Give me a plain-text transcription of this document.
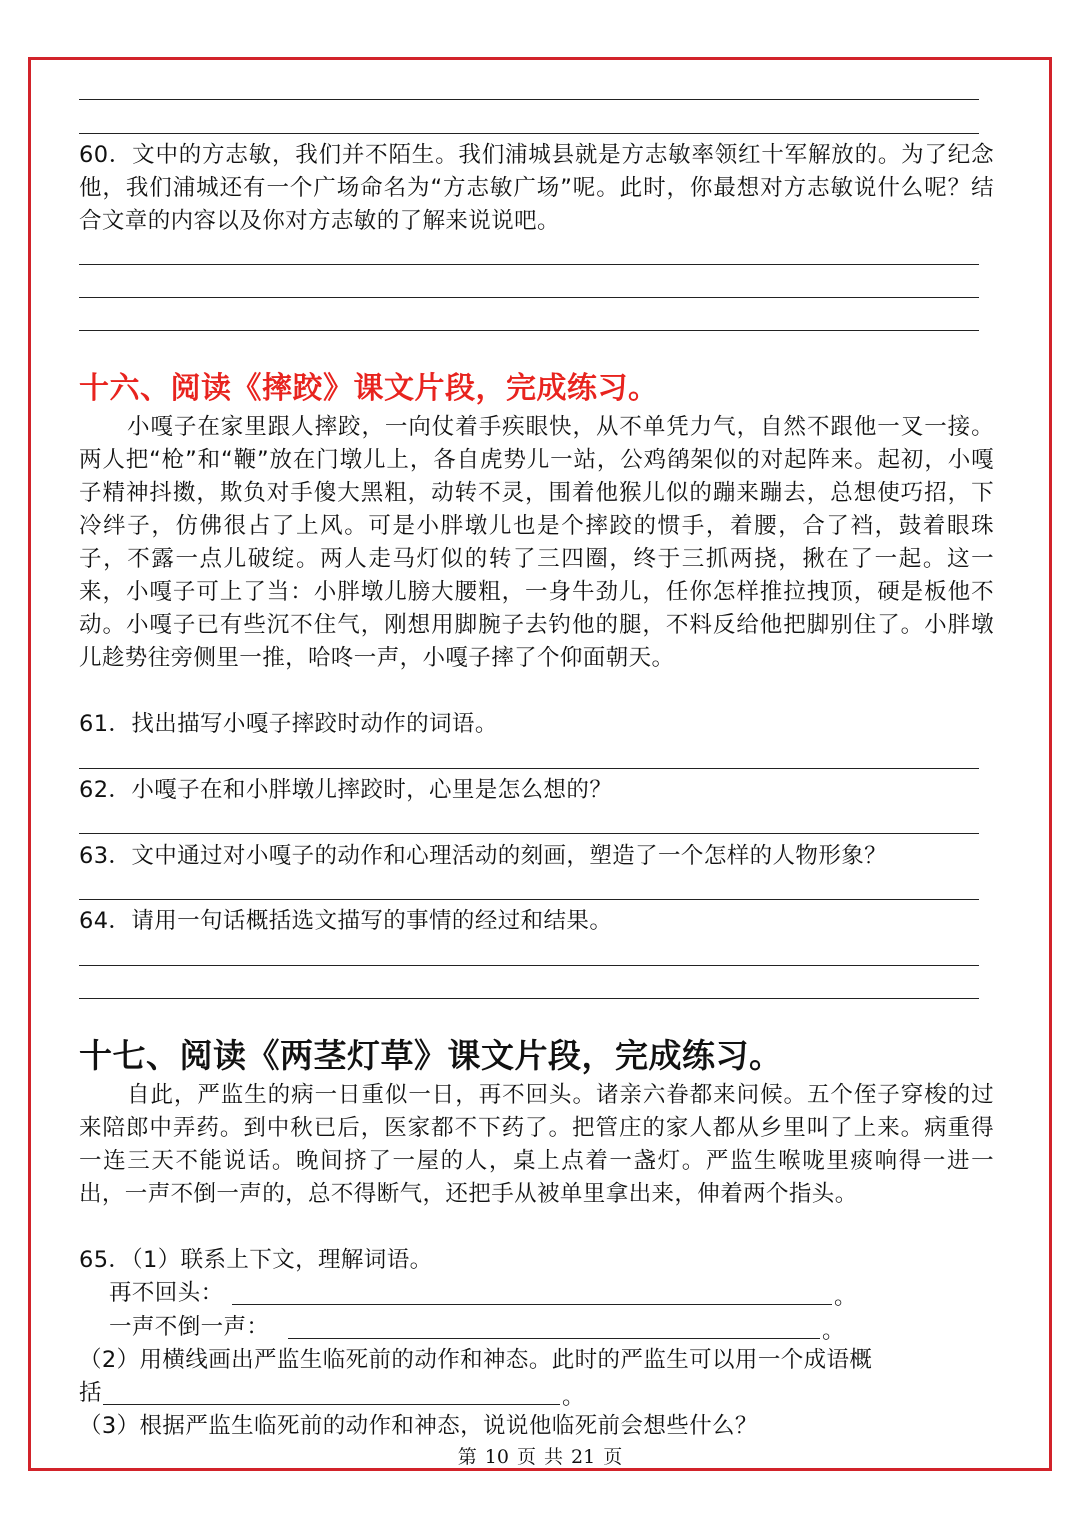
60．文中的方志敏，我们并不陌生。我们浦城县就是方志敏率领红十军解放的。为了纪念他，我们浦城还有一个广场命名为“方志敏广场”呢。此时，你最想对方志敏说什么呢？结合文章的内容以及你对方志敏的了解来说说吧。

十六、阅读《摔跤》课文片段，完成练习。

小嘎子在家里跟人摔跤，一向仗着手疾眼快，从不单凭力气，自然不跟他一叉一接。两人把“枪”和“鞭”放在门墩儿上，各自虎势儿一站，公鸡鹐架似的对起阵来。起初，小嘎子精神抖擞，欺负对手傻大黑粗，动转不灵，围着他猴儿似的蹦来蹦去，总想使巧招，下冷绊子，仿佛很占了上风。可是小胖墩儿也是个摔跤的惯手，着腰，合了裆，鼓着眼珠子，不露一点儿破绽。两人走马灯似的转了三四圈，终于三抓两挠，揪在了一起。这一来，小嘎子可上了当：小胖墩儿膀大腰粗，一身牛劲儿，任你怎样推拉拽顶，硬是板他不动。小嘎子已有些沉不住气，刚想用脚腕子去钓他的腿，不料反给他把脚别住了。小胖墩儿趁势往旁侧里一推，哈咚一声，小嘎子摔了个仰面朝天。

61．找出描写小嘎子摔跤时动作的词语。

62．小嘎子在和小胖墩儿摔跤时，心里是怎么想的？

63．文中通过对小嘎子的动作和心理活动的刻画，塑造了一个怎样的人物形象？

64．请用一句话概括选文描写的事情的经过和结果。

十七、阅读《两茎灯草》课文片段，完成练习。

自此，严监生的病一日重似一日，再不回头。诸亲六眷都来问候。五个侄子穿梭的过来陪郎中弄药。到中秋已后，医家都不下药了。把管庄的家人都从乡里叫了上来。病重得一连三天不能说话。晚间挤了一屋的人，桌上点着一盏灯。严监生喉咙里痰响得一进一出，一声不倒一声的，总不得断气，还把手从被单里拿出来，伸着两个指头。

65．（1）联系上下文，理解词语。

再不回头：	。

一声不倒一声：	。

（2）用横线画出严监生临死前的动作和神态。此时的严监生可以用一个成语概

括	。

（3）根据严监生临死前的动作和神态，说说他临死前会想些什么？

第 10 页 共 21 页
